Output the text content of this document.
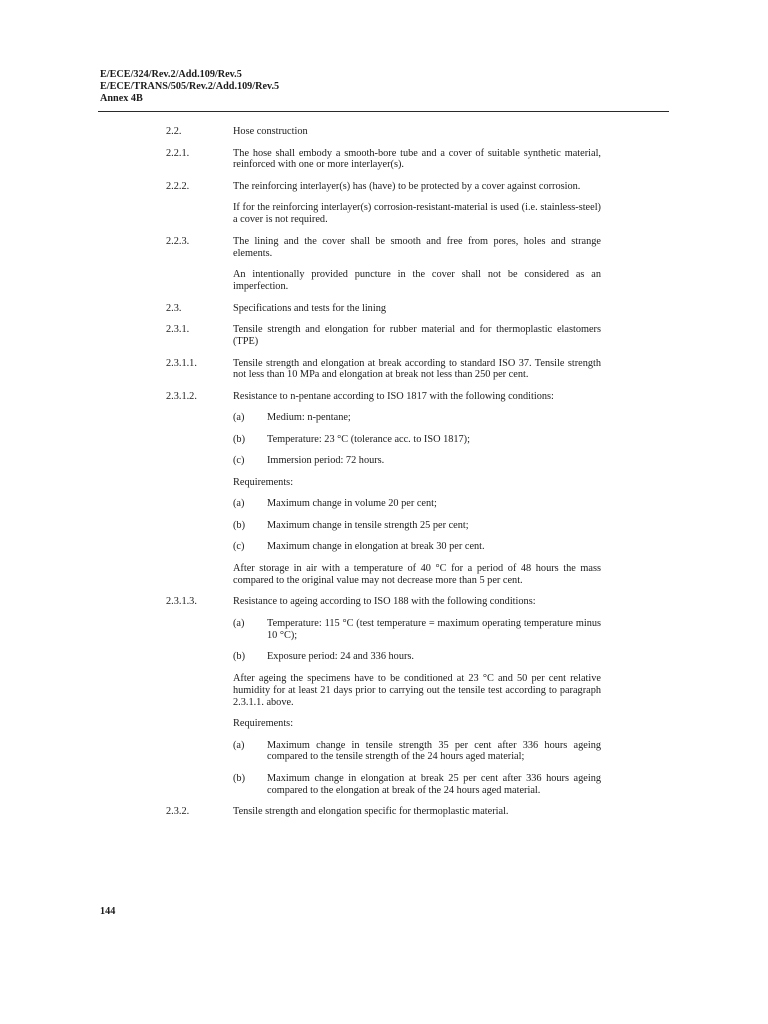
E/ECE/324/Rev.2/Add.109/Rev.5
E/ECE/TRANS/505/Rev.2/Add.109/Rev.5
Annex 4B
2.2.	Hose construction
2.2.1.	The hose shall embody a smooth-bore tube and a cover of suitable synthetic material, reinforced with one or more interlayer(s).
2.2.2.	The reinforcing interlayer(s) has (have) to be protected by a cover against corrosion.
If for the reinforcing interlayer(s) corrosion-resistant-material is used (i.e. stainless-steel) a cover is not required.
2.2.3.	The lining and the cover shall be smooth and free from pores, holes and strange elements.
An intentionally provided puncture in the cover shall not be considered as an imperfection.
2.3.	Specifications and tests for the lining
2.3.1.	Tensile strength and elongation for rubber material and for thermoplastic elastomers (TPE)
2.3.1.1.	Tensile strength and elongation at break according to standard ISO 37. Tensile strength not less than 10 MPa and elongation at break not less than 250 per cent.
2.3.1.2.	Resistance to n-pentane according to ISO 1817 with the following conditions:
(a) Medium: n-pentane;
(b) Temperature: 23 °C (tolerance acc. to ISO 1817);
(c) Immersion period: 72 hours.
Requirements:
(a) Maximum change in volume 20 per cent;
(b) Maximum change in tensile strength 25 per cent;
(c) Maximum change in elongation at break 30 per cent.
After storage in air with a temperature of 40 °C for a period of 48 hours the mass compared to the original value may not decrease more than 5 per cent.
2.3.1.3.	Resistance to ageing according to ISO 188 with the following conditions:
(a) Temperature: 115 °C (test temperature = maximum operating temperature minus 10 °C);
(b) Exposure period: 24 and 336 hours.
After ageing the specimens have to be conditioned at 23 °C and 50 per cent relative humidity for at least 21 days prior to carrying out the tensile test according to paragraph 2.3.1.1. above.
Requirements:
(a) Maximum change in tensile strength 35 per cent after 336 hours ageing compared to the tensile strength of the 24 hours aged material;
(b) Maximum change in elongation at break 25 per cent after 336 hours ageing compared to the elongation at break of the 24 hours aged material.
2.3.2.	Tensile strength and elongation specific for thermoplastic material.
144
